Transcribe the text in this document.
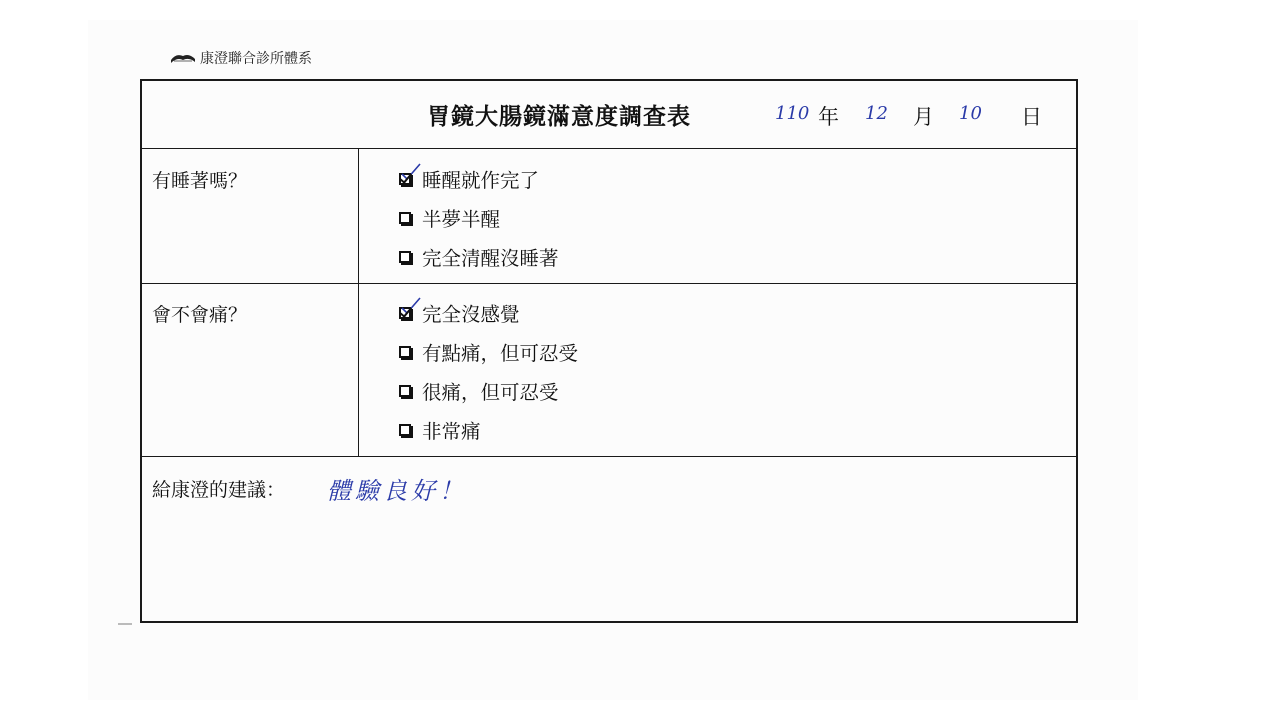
康澄聯合診所體系
胃鏡大腸鏡滿意度調查表	110 年 12 月 10 日
有睡著嗎？	睡醒就作完了
半夢半醒
完全清醒沒睡著
會不會痛？	完全沒感覺
有點痛，但可忍受
很痛，但可忍受
非常痛
給康澄的建議： 體驗良好！
